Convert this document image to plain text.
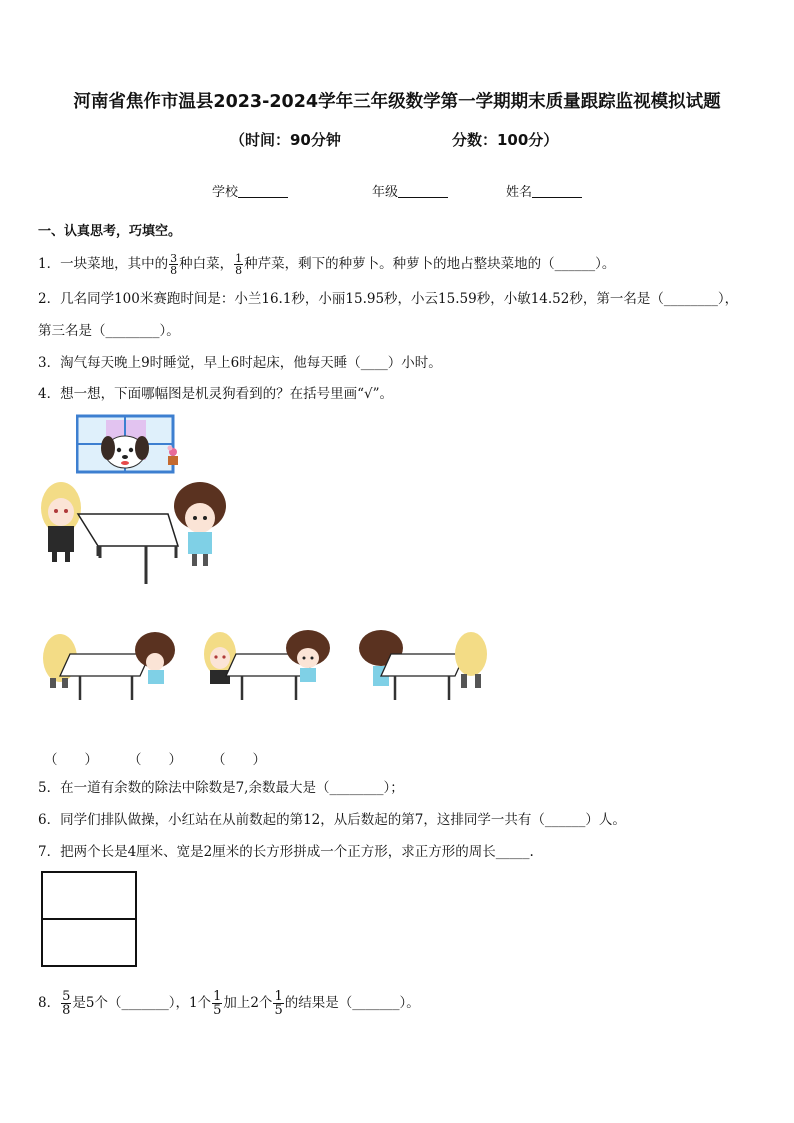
河南省焦作市温县2023-2024学年三年级数学第一学期期末质量跟踪监视模拟试题
（时间：90分钟	分数：100分）
学校	年级	姓名
一、认真思考，巧填空。
1．一块菜地，其中的 $\frac{3}{8}$ 种白菜， $\frac{1}{8}$ 种芹菜，剩下的种萝卜。种萝卜的地占整块菜地的（______）。
2．几名同学100米赛跑时间是：小兰16.1秒，小丽15.95秒，小云15.59秒，小敏14.52秒，第一名是（________），
第三名是（________）。
3．淘气每天晚上9时睡觉，早上6时起床，他每天睡（____）小时。
4．想一想，下面哪幅图是机灵狗看到的？在括号里画“√”。
（　　） （　　） （　　）
5．在一道有余数的除法中除数是7,余数最大是（________）；
6．同学们排队做操，小红站在从前数起的第12，从后数起的第7，这排同学一共有（______）人。
7．把两个长是4厘米、宽是2厘米的长方形拼成一个正方形，求正方形的周长_____.
8． $\frac{5}{8}$ 是5个（_______），1个 $\frac{1}{5}$ 加上2个 $\frac{1}{5}$ 的结果是（_______）。
